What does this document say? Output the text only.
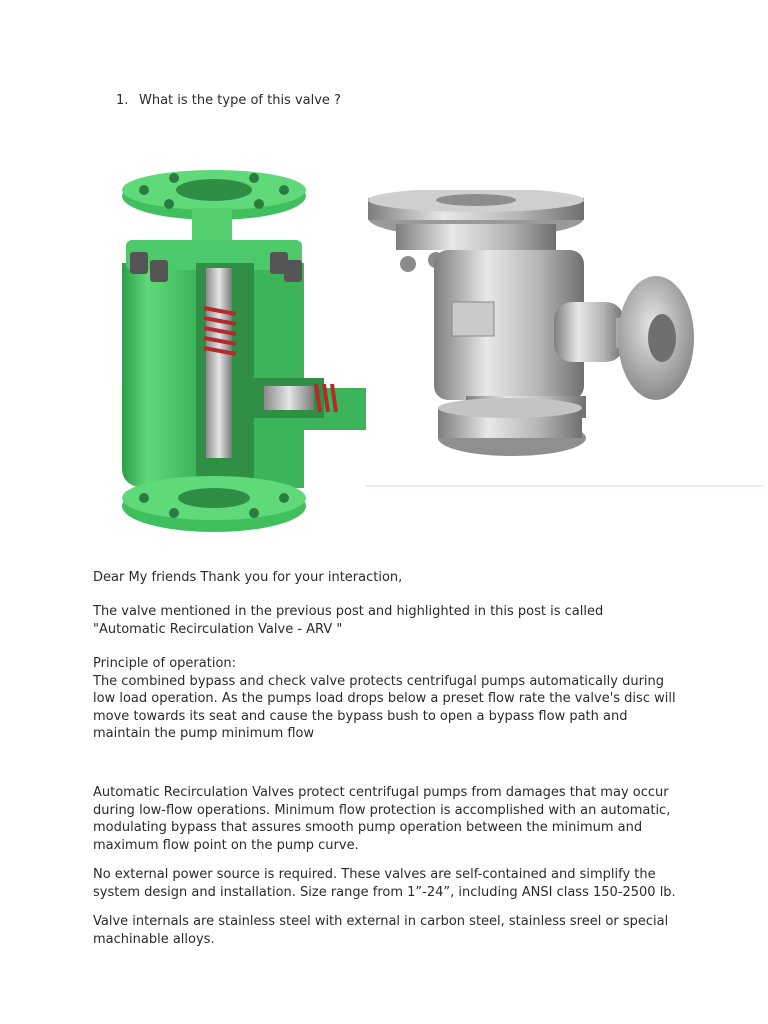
1. What is the type of this valve ?
Dear My friends Thank you for your interaction,
The valve mentioned in the previous post and highlighted in this post is called
"Automatic Recirculation Valve - ARV "
Principle of operation:
The combined bypass and check valve protects centrifugal pumps automatically during
low load operation. As the pumps load drops below a preset flow rate the valve's disc will
move towards its seat and cause the bypass bush to open a bypass flow path and
maintain the pump minimum flow
Automatic Recirculation Valves protect centrifugal pumps from damages that may occur
during low-flow operations. Minimum flow protection is accomplished with an automatic,
modulating bypass that assures smooth pump operation between the minimum and
maximum flow point on the pump curve.
No external power source is required. These valves are self-contained and simplify the
system design and installation. Size range from 1”-24”, including ANSI class 150-2500 lb.
Valve internals are stainless steel with external in carbon steel, stainless sreel or special
machinable alloys.
